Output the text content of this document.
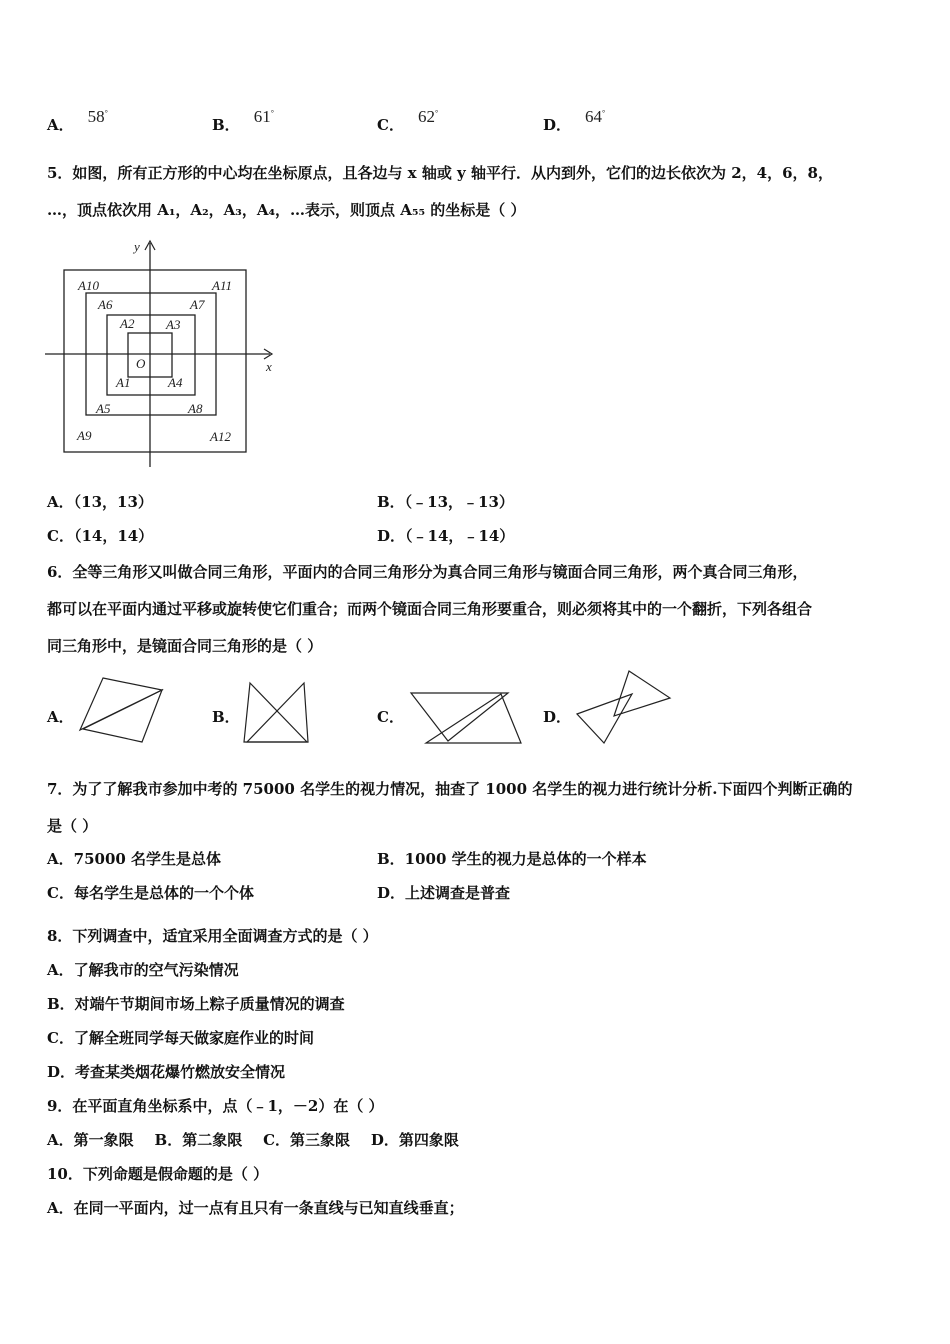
A． 58°
B． 61°
C． 62°
D． 64°
5．如图，所有正方形的中心均在坐标原点，且各边与 x 轴或 y 轴平行．从内到外，它们的边长依次为 2，4，6，8，
…，顶点依次用 A₁，A₂，A₃，A₄，…表示，则顶点 A₅₅ 的坐标是（ ）
y
x
O
A1
A2 A3
A4
A5
A6	A7
A8
A9
A10	A11
A12
A．（13，13）	B．（﹣13，﹣13）
C．（14，14）	D．（﹣14，﹣14）
6．全等三角形又叫做合同三角形，平面内的合同三角形分为真合同三角形与镜面合同三角形，两个真合同三角形，
都可以在平面内通过平移或旋转使它们重合；而两个镜面合同三角形要重合，则必须将其中的一个翻折，下列各组合
同三角形中，是镜面合同三角形的是（ ）
A．	B．	C．	D．
7．为了了解我市参加中考的 75000 名学生的视力情况，抽查了 1000 名学生的视力进行统计分析.下面四个判断正确的
是（ ）
A．75000 名学生是总体	B．1000 学生的视力是总体的一个样本
C．每名学生是总体的一个个体	D．上述调查是普查
8．下列调查中，适宜采用全面调查方式的是（ ）
A．了解我市的空气污染情况
B．对端午节期间市场上粽子质量情况的调查
C．了解全班同学每天做家庭作业的时间
D．考查某类烟花爆竹燃放安全情况
9．在平面直角坐标系中，点（﹣1，－2）在（ ）
A．第一象限    B．第二象限    C．第三象限    D．第四象限
10．下列命题是假命题的是（ ）
A．在同一平面内，过一点有且只有一条直线与已知直线垂直；
